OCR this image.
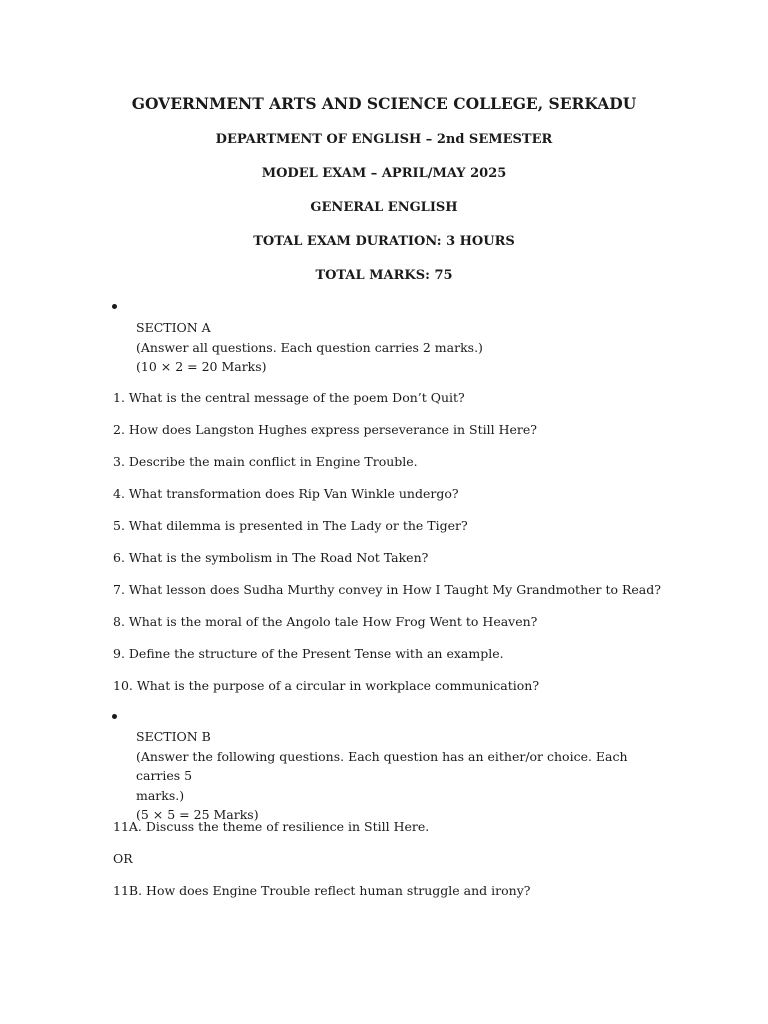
GOVERNMENT ARTS AND SCIENCE COLLEGE, SERKADU
DEPARTMENT OF ENGLISH – 2nd SEMESTER
MODEL EXAM – APRIL/MAY 2025
GENERAL ENGLISH
TOTAL EXAM DURATION: 3 HOURS
TOTAL MARKS: 75
SECTION A
(Answer all questions. Each question carries 2 marks.)
(10 × 2 = 20 Marks)
1. What is the central message of the poem Don’t Quit?
2. How does Langston Hughes express perseverance in Still Here?
3. Describe the main conflict in Engine Trouble.
4. What transformation does Rip Van Winkle undergo?
5. What dilemma is presented in The Lady or the Tiger?
6. What is the symbolism in The Road Not Taken?
7. What lesson does Sudha Murthy convey in How I Taught My Grandmother to Read?
8. What is the moral of the Angolo tale How Frog Went to Heaven?
9. Define the structure of the Present Tense with an example.
10. What is the purpose of a circular in workplace communication?
SECTION B
(Answer the following questions. Each question has an either/or choice. Each carries 5
marks.)
(5 × 5 = 25 Marks)
11A. Discuss the theme of resilience in Still Here.
OR
11B. How does Engine Trouble reflect human struggle and irony?
